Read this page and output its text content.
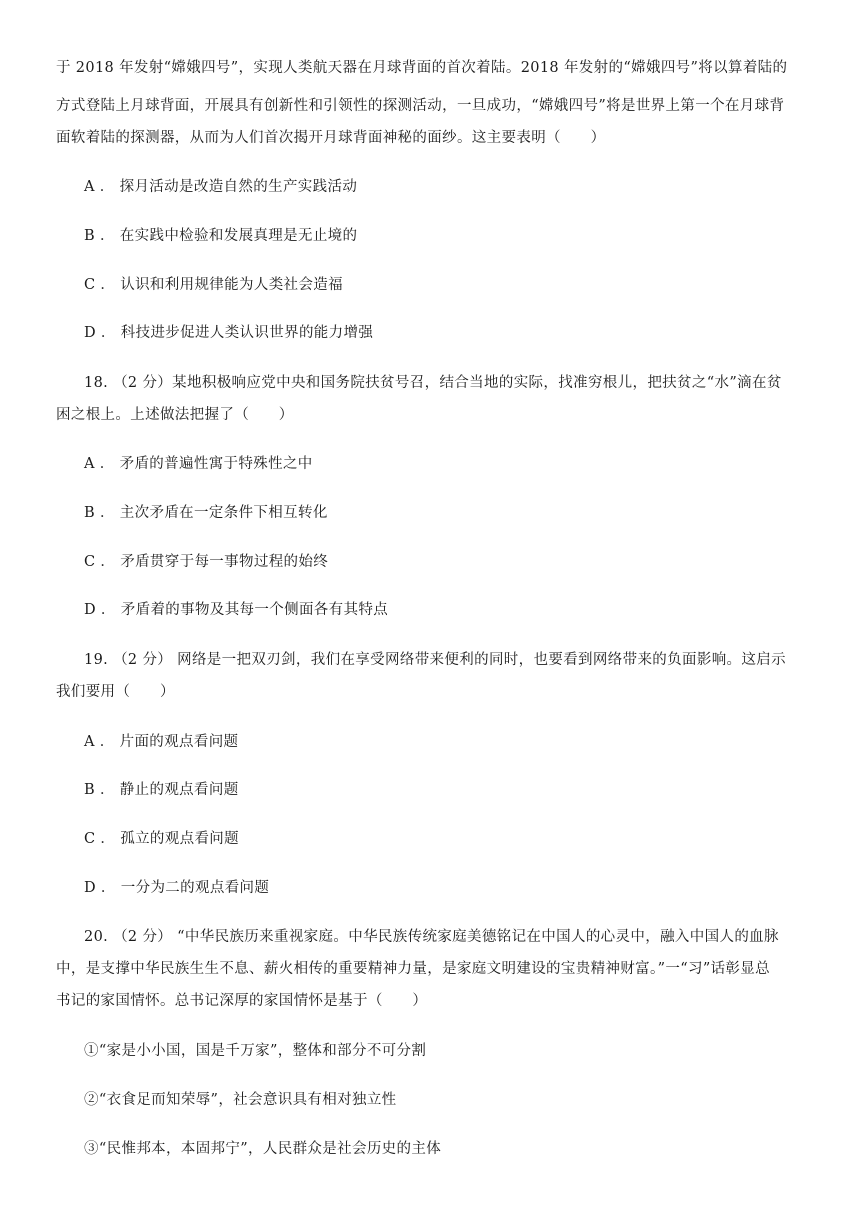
于 2018 年发射“嫦娥四号”，实现人类航天器在月球背面的首次着陆。2018 年发射的“嫦娥四号”将以算着陆的
方式登陆上月球背面，开展具有创新性和引领性的探测活动，一旦成功，“嫦娥四号”将是世界上第一个在月球背
面软着陆的探测器，从而为人们首次揭开月球背面神秘的面纱。这主要表明（　　）
A ． 探月活动是改造自然的生产实践活动
B ． 在实践中检验和发展真理是无止境的
C ． 认识和利用规律能为人类社会造福
D ． 科技进步促进人类认识世界的能力增强
18. （2 分）某地积极响应党中央和国务院扶贫号召，结合当地的实际，找准穷根儿，把扶贫之“水”滴在贫
困之根上。上述做法把握了（　　）
A ． 矛盾的普遍性寓于特殊性之中
B ． 主次矛盾在一定条件下相互转化
C ． 矛盾贯穿于每一事物过程的始终
D ． 矛盾着的事物及其每一个侧面各有其特点
19. （2 分） 网络是一把双刃剑，我们在享受网络带来便利的同时，也要看到网络带来的负面影响。这启示
我们要用（　　）
A ． 片面的观点看问题
B ． 静止的观点看问题
C ． 孤立的观点看问题
D ． 一分为二的观点看问题
20. （2 分） “中华民族历来重视家庭。中华民族传统家庭美德铭记在中国人的心灵中，融入中国人的血脉
中，是支撑中华民族生生不息、薪火相传的重要精神力量，是家庭文明建设的宝贵精神财富。”一“习”话彰显总
书记的家国情怀。总书记深厚的家国情怀是基于（　　）
①“家是小小国，国是千万家”，整体和部分不可分割
②“衣食足而知荣辱”，社会意识具有相对独立性
③“民惟邦本，本固邦宁”，人民群众是社会历史的主体
